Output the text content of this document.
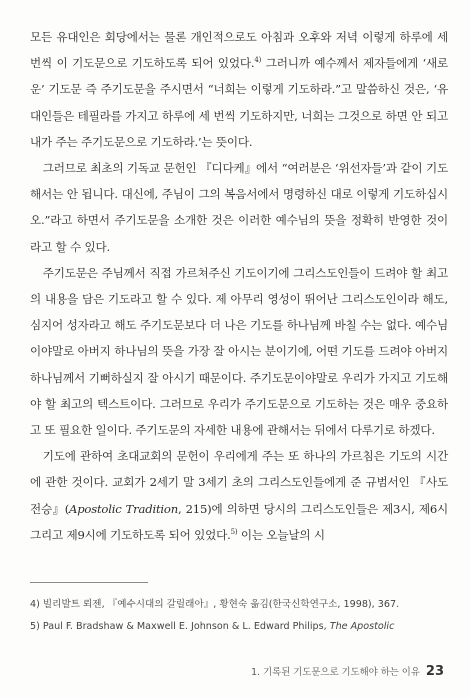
모든 유대인은 회당에서는 물론 개인적으로도 아침과 오후와 저녁 이렇게 하루에 세 번씩 이 기도문으로 기도하도록 되어 있었다.$^{4)}$ 그러니까 예수께서 제자들에게 ‘새로운’ 기도문 즉 주기도문을 주시면서 “너희는 이렇게 기도하라.”고 말씀하신 것은, ‘유대인들은 테필라를 가지고 하루에 세 번씩 기도하지만, 너희는 그것으로 하면 안 되고 내가 주는 주기도문으로 기도하라.’는 뜻이다.

그러므로 최초의 기독교 문헌인 『디다케』에서 “여러분은 ‘위선자들’과 같이 기도해서는 안 됩니다. 대신에, 주님이 그의 복음서에서 명령하신 대로 이렇게 기도하십시오.”라고 하면서 주기도문을 소개한 것은 이러한 예수님의 뜻을 정확히 반영한 것이라고 할 수 있다.

주기도문은 주님께서 직접 가르쳐주신 기도이기에 그리스도인들이 드려야 할 최고의 내용을 담은 기도라고 할 수 있다. 제 아무리 영성이 뛰어난 그리스도인이라 해도, 심지어 성자라고 해도 주기도문보다 더 나은 기도를 하나님께 바칠 수는 없다. 예수님이야말로 아버지 하나님의 뜻을 가장 잘 아시는 분이기에, 어떤 기도를 드려야 아버지 하나님께서 기뻐하실지 잘 아시기 때문이다. 주기도문이야말로 우리가 가지고 기도해야 할 최고의 텍스트이다. 그러므로 우리가 주기도문으로 기도하는 것은 매우 중요하고 또 필요한 일이다. 주기도문의 자세한 내용에 관해서는 뒤에서 다루기로 하겠다.

기도에 관하여 초대교회의 문헌이 우리에게 주는 또 하나의 가르침은 기도의 시간에 관한 것이다. 교회가 2세기 말 3세기 초의 그리스도인들에게 준 규범서인 『사도전승』(Apostolic Tradition, 215)에 의하면 당시의 그리스도인들은 제3시, 제6시 그리고 제9시에 기도하도록 되어 있었다.$^{5)}$ 이는 오늘날의 시

4) 빌리발트 뢰젠, 『예수시대의 갈릴래아』, 황현숙 옮김(한국신학연구소, 1998), 367.
5) Paul F. Bradshaw & Maxwell E. Johnson & L. Edward Philips, The Apostolic
1. 기록된 기도문으로 기도해야 하는 이유 23
